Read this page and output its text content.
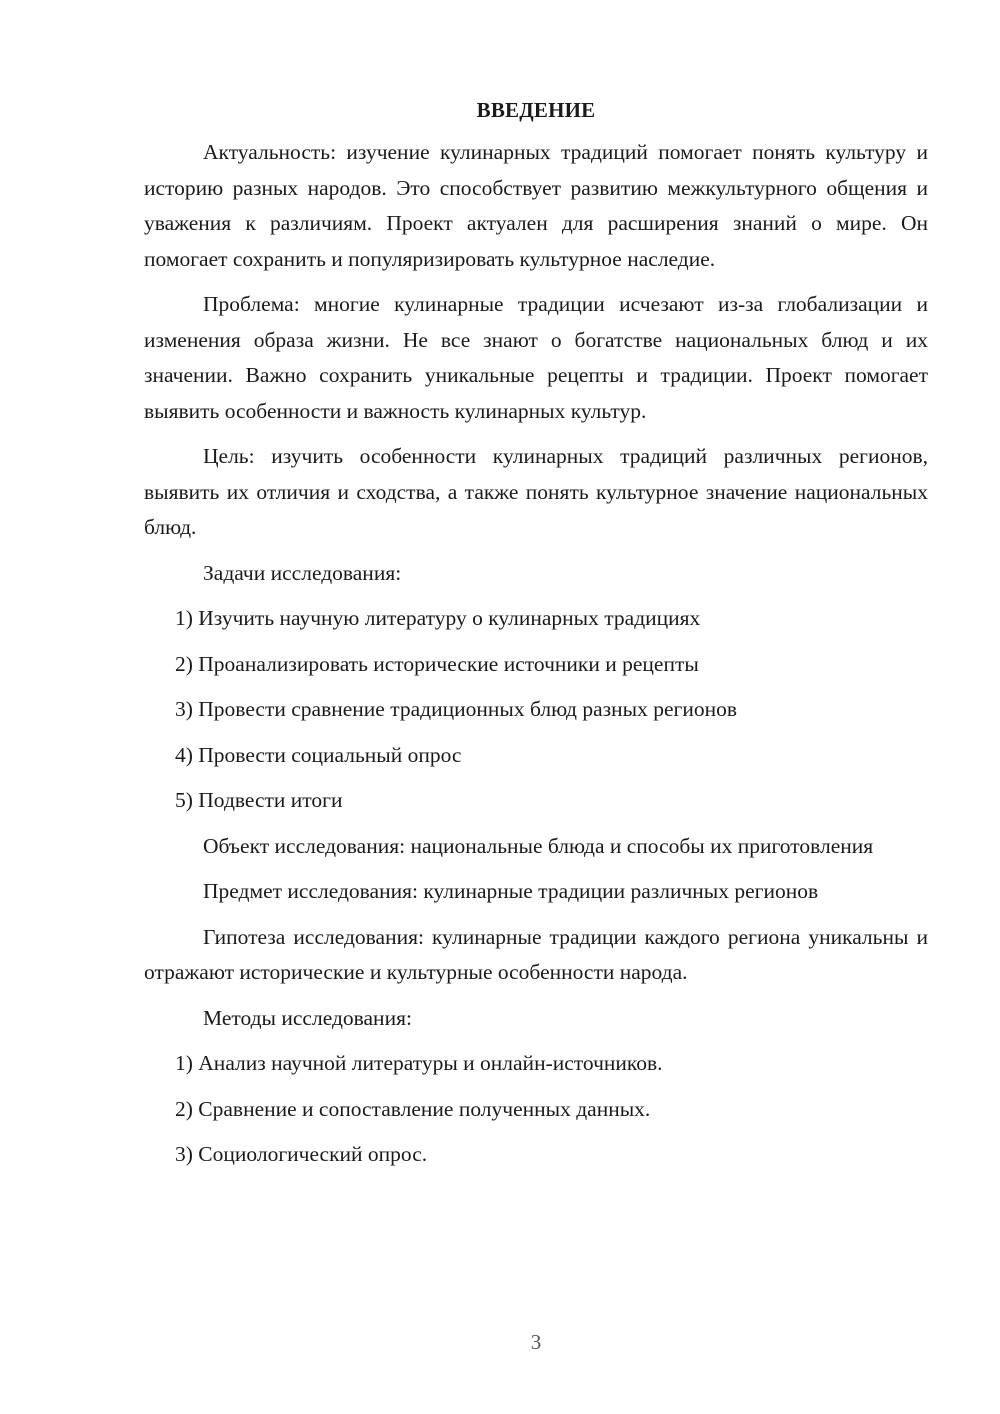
ВВЕДЕНИЕ

Актуальность: изучение кулинарных традиций помогает понять культуру и историю разных народов. Это способствует развитию межкультурного общения и уважения к различиям. Проект актуален для расширения знаний о мире. Он помогает сохранить и популяризировать культурное наследие.

Проблема: многие кулинарные традиции исчезают из-за глобализации и изменения образа жизни. Не все знают о богатстве национальных блюд и их значении. Важно сохранить уникальные рецепты и традиции. Проект помогает выявить особенности и важность кулинарных культур.

Цель: изучить особенности кулинарных традиций различных регионов, выявить их отличия и сходства, а также понять культурное значение национальных блюд.

Задачи исследования:

1) Изучить научную литературу о кулинарных традициях
2) Проанализировать исторические источники и рецепты
3) Провести сравнение традиционных блюд разных регионов
4) Провести социальный опрос
5) Подвести итоги

Объект исследования: национальные блюда и способы их приготовления

Предмет исследования: кулинарные традиции различных регионов

Гипотеза исследования: кулинарные традиции каждого региона уникальны и отражают исторические и культурные особенности народа.

Методы исследования:

1) Анализ научной литературы и онлайн-источников.
2) Сравнение и сопоставление полученных данных.
3) Социологический опрос.
3
